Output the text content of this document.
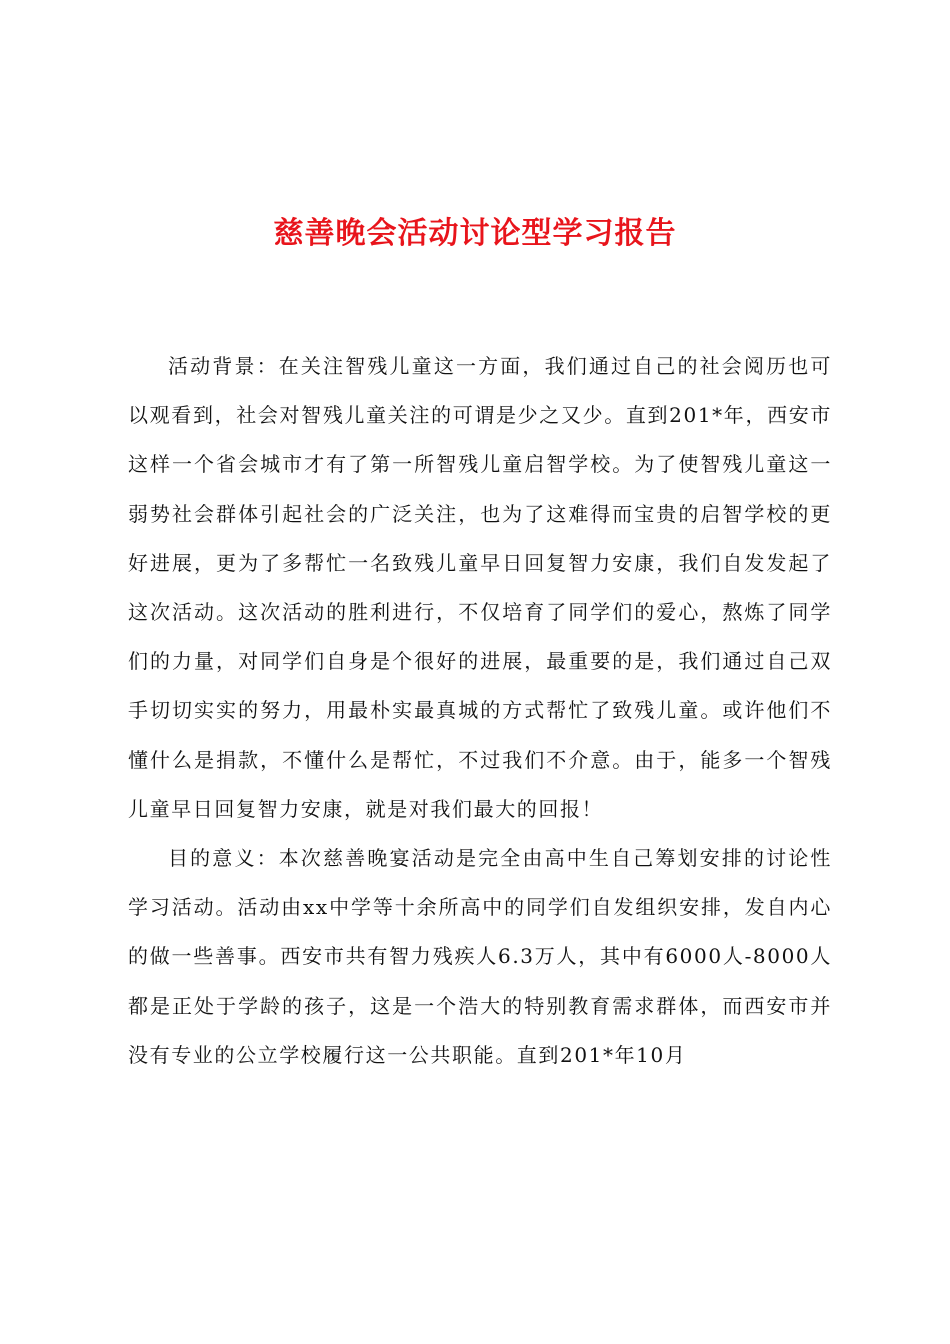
慈善晚会活动讨论型学习报告

活动背景：在关注智残儿童这一方面，我们通过自己的社会阅历也可以观看到，社会对智残儿童关注的可谓是少之又少。直到201*年，西安市这样一个省会城市才有了第一所智残儿童启智学校。为了使智残儿童这一弱势社会群体引起社会的广泛关注，也为了这难得而宝贵的启智学校的更好进展，更为了多帮忙一名致残儿童早日回复智力安康，我们自发发起了这次活动。这次活动的胜利进行，不仅培育了同学们的爱心，熬炼了同学们的力量，对同学们自身是个很好的进展，最重要的是，我们通过自己双手切切实实的努力，用最朴实最真城的方式帮忙了致残儿童。或许他们不懂什么是捐款，不懂什么是帮忙，不过我们不介意。由于，能多一个智残儿童早日回复智力安康，就是对我们最大的回报！

目的意义：本次慈善晚宴活动是完全由高中生自己筹划安排的讨论性学习活动。活动由xx中学等十余所高中的同学们自发组织安排，发自内心的做一些善事。西安市共有智力残疾人6.3万人，其中有6000人-8000人都是正处于学龄的孩子，这是一个浩大的特别教育需求群体，而西安市并没有专业的公立学校履行这一公共职能。直到201*年10月
